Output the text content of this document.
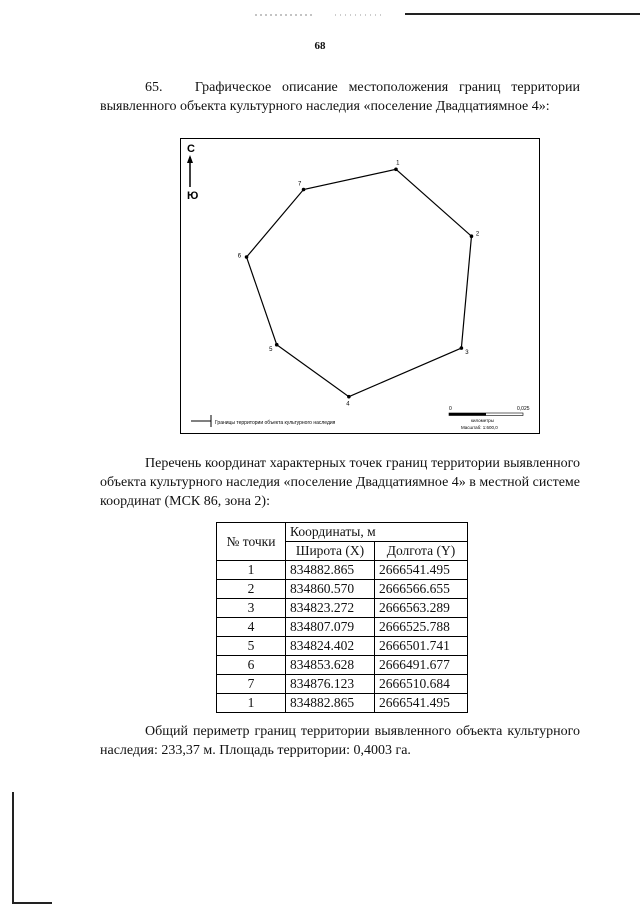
68

65. Графическое описание местоположения границ территории выявленного объекта культурного наследия «поселение Двадцатиямное 4»:

С
Ю
1
2
3
4
5
6
7
Границы территории объекта культурного наследия
0	0,025
километры
Масштаб: 1:600,0

Перечень координат характерных точек границ территории выявленного объекта культурного наследия «поселение Двадцатиямное 4» в местной системе координат (МСК 86, зона 2):

№ точки	Координаты, м	
	Широта (X)	Долгота (Y)
1	834882.865	2666541.495
2	834860.570	2666566.655
3	834823.272	2666563.289
4	834807.079	2666525.788
5	834824.402	2666501.741
6	834853.628	2666491.677
7	834876.123	2666510.684
1	834882.865	2666541.495

Общий периметр границ территории выявленного объекта культурного наследия: 233,37 м. Площадь территории: 0,4003 га.
